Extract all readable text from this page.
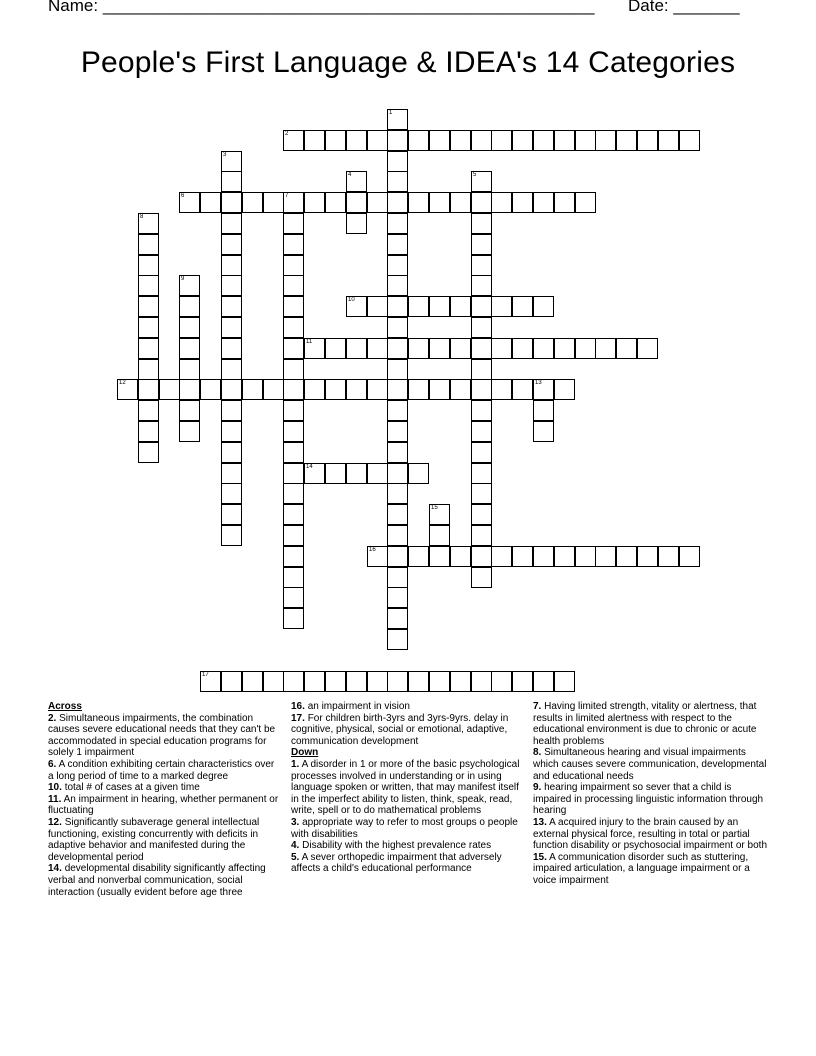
Name: ____________________________________________________ Date: _______
People's First Language & IDEA's 14 Categories
1
2
3
4	5
6	7
8
9
10
11
12	13
14
15
16
17
Across

2. Simultaneous impairments, the combination causes severe educational needs that they can't be accommodated in special education programs for solely 1 impairment

6. A condition exhibiting certain characteristics over a long period of time to a marked degree

10. total # of cases at a given time

11. An impairment in hearing, whether permanent or fluctuating

12. Significantly subaverage general intellectual functioning, existing concurrently with deficits in adaptive behavior and manifested during the developmental period

14. developmental disability significantly affecting verbal and nonverbal communication, social interaction (usually evident before age three

16. an impairment in vision

17. For children birth-3yrs and 3yrs-9yrs. delay in cognitive, physical, social or emotional, adaptive, communication development

Down

1. A disorder in 1 or more of the basic psychological processes involved in understanding or in using language spoken or written, that may manifest itself in the imperfect ability to listen, think, speak, read, write, spell or to do mathematical problems

3. appropriate way to refer to most groups o people with disabilities

4. Disability with the highest prevalence rates

5. A sever orthopedic impairment that adversely affects a child's educational performance

7. Having limited strength, vitality or alertness, that results in limited alertness with respect to the educational environment is due to chronic or acute health problems

8. Simultaneous hearing and visual impairments which causes severe communication, developmental and educational needs

9. hearing impairment so sever that a child is impaired in processing linguistic information through hearing

13. A acquired injury to the brain caused by an external physical force, resulting in total or partial function disability or psychosocial impairment or both

15. A communication disorder such as stuttering, impaired articulation, a language impairment or a voice impairment
